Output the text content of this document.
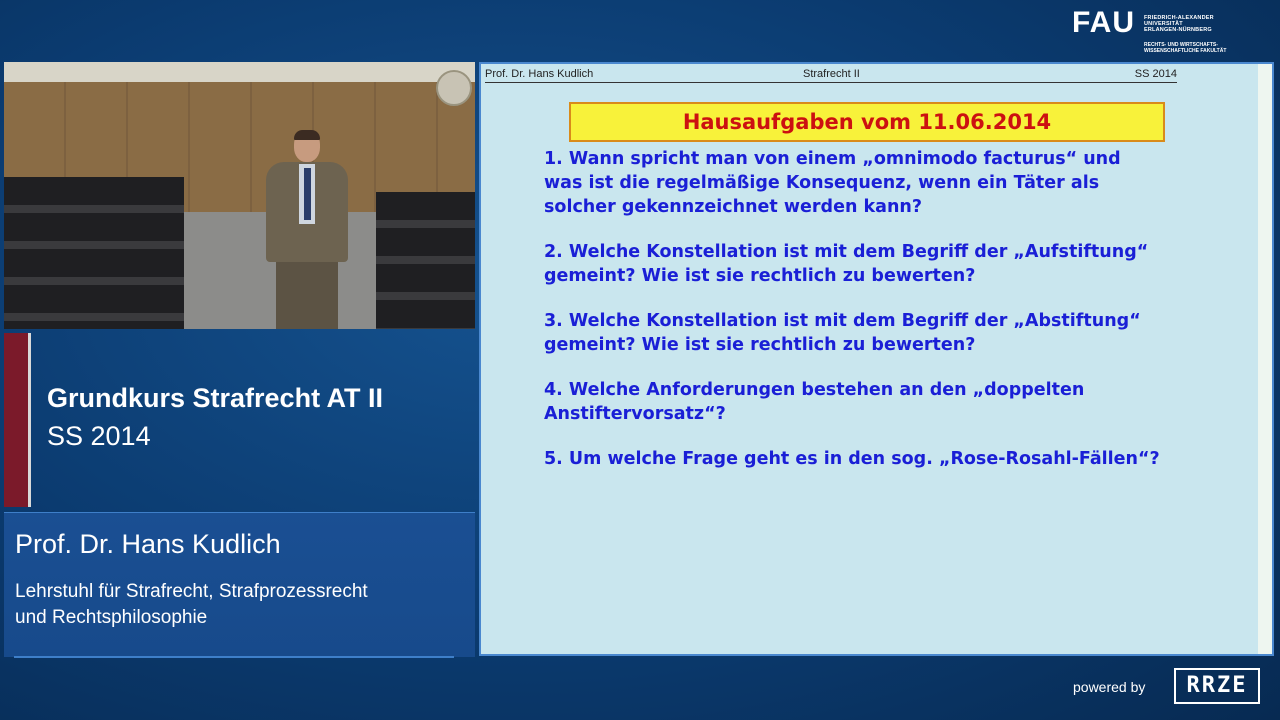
FAU FRIEDRICH-ALEXANDER
UNIVERSITÄT
ERLANGEN-NÜRNBERG
RECHTS- UND WIRTSCHAFTS-
WISSENSCHAFTLICHE FAKULTÄT
Grundkurs Strafrecht AT II
SS 2014
Prof. Dr. Hans Kudlich
Lehrstuhl für Strafrecht, Strafprozessrecht
und Rechtsphilosophie
Prof. Dr. Hans Kudlich	Strafrecht II	SS 2014
Hausaufgaben vom 11.06.2014
1. Wann spricht man von einem „omnimodo facturus“ und
was ist die regelmäßige Konsequenz, wenn ein Täter als
solcher gekennzeichnet werden kann?
2. Welche Konstellation ist mit dem Begriff der „Aufstiftung“
gemeint? Wie ist sie rechtlich zu bewerten?
3. Welche Konstellation ist mit dem Begriff der „Abstiftung“
gemeint? Wie ist sie rechtlich zu bewerten?
4. Welche Anforderungen bestehen an den „doppelten
Anstiftervorsatz“?
5. Um welche Frage geht es in den sog. „Rose-Rosahl-Fällen“?
powered by	RRZE
